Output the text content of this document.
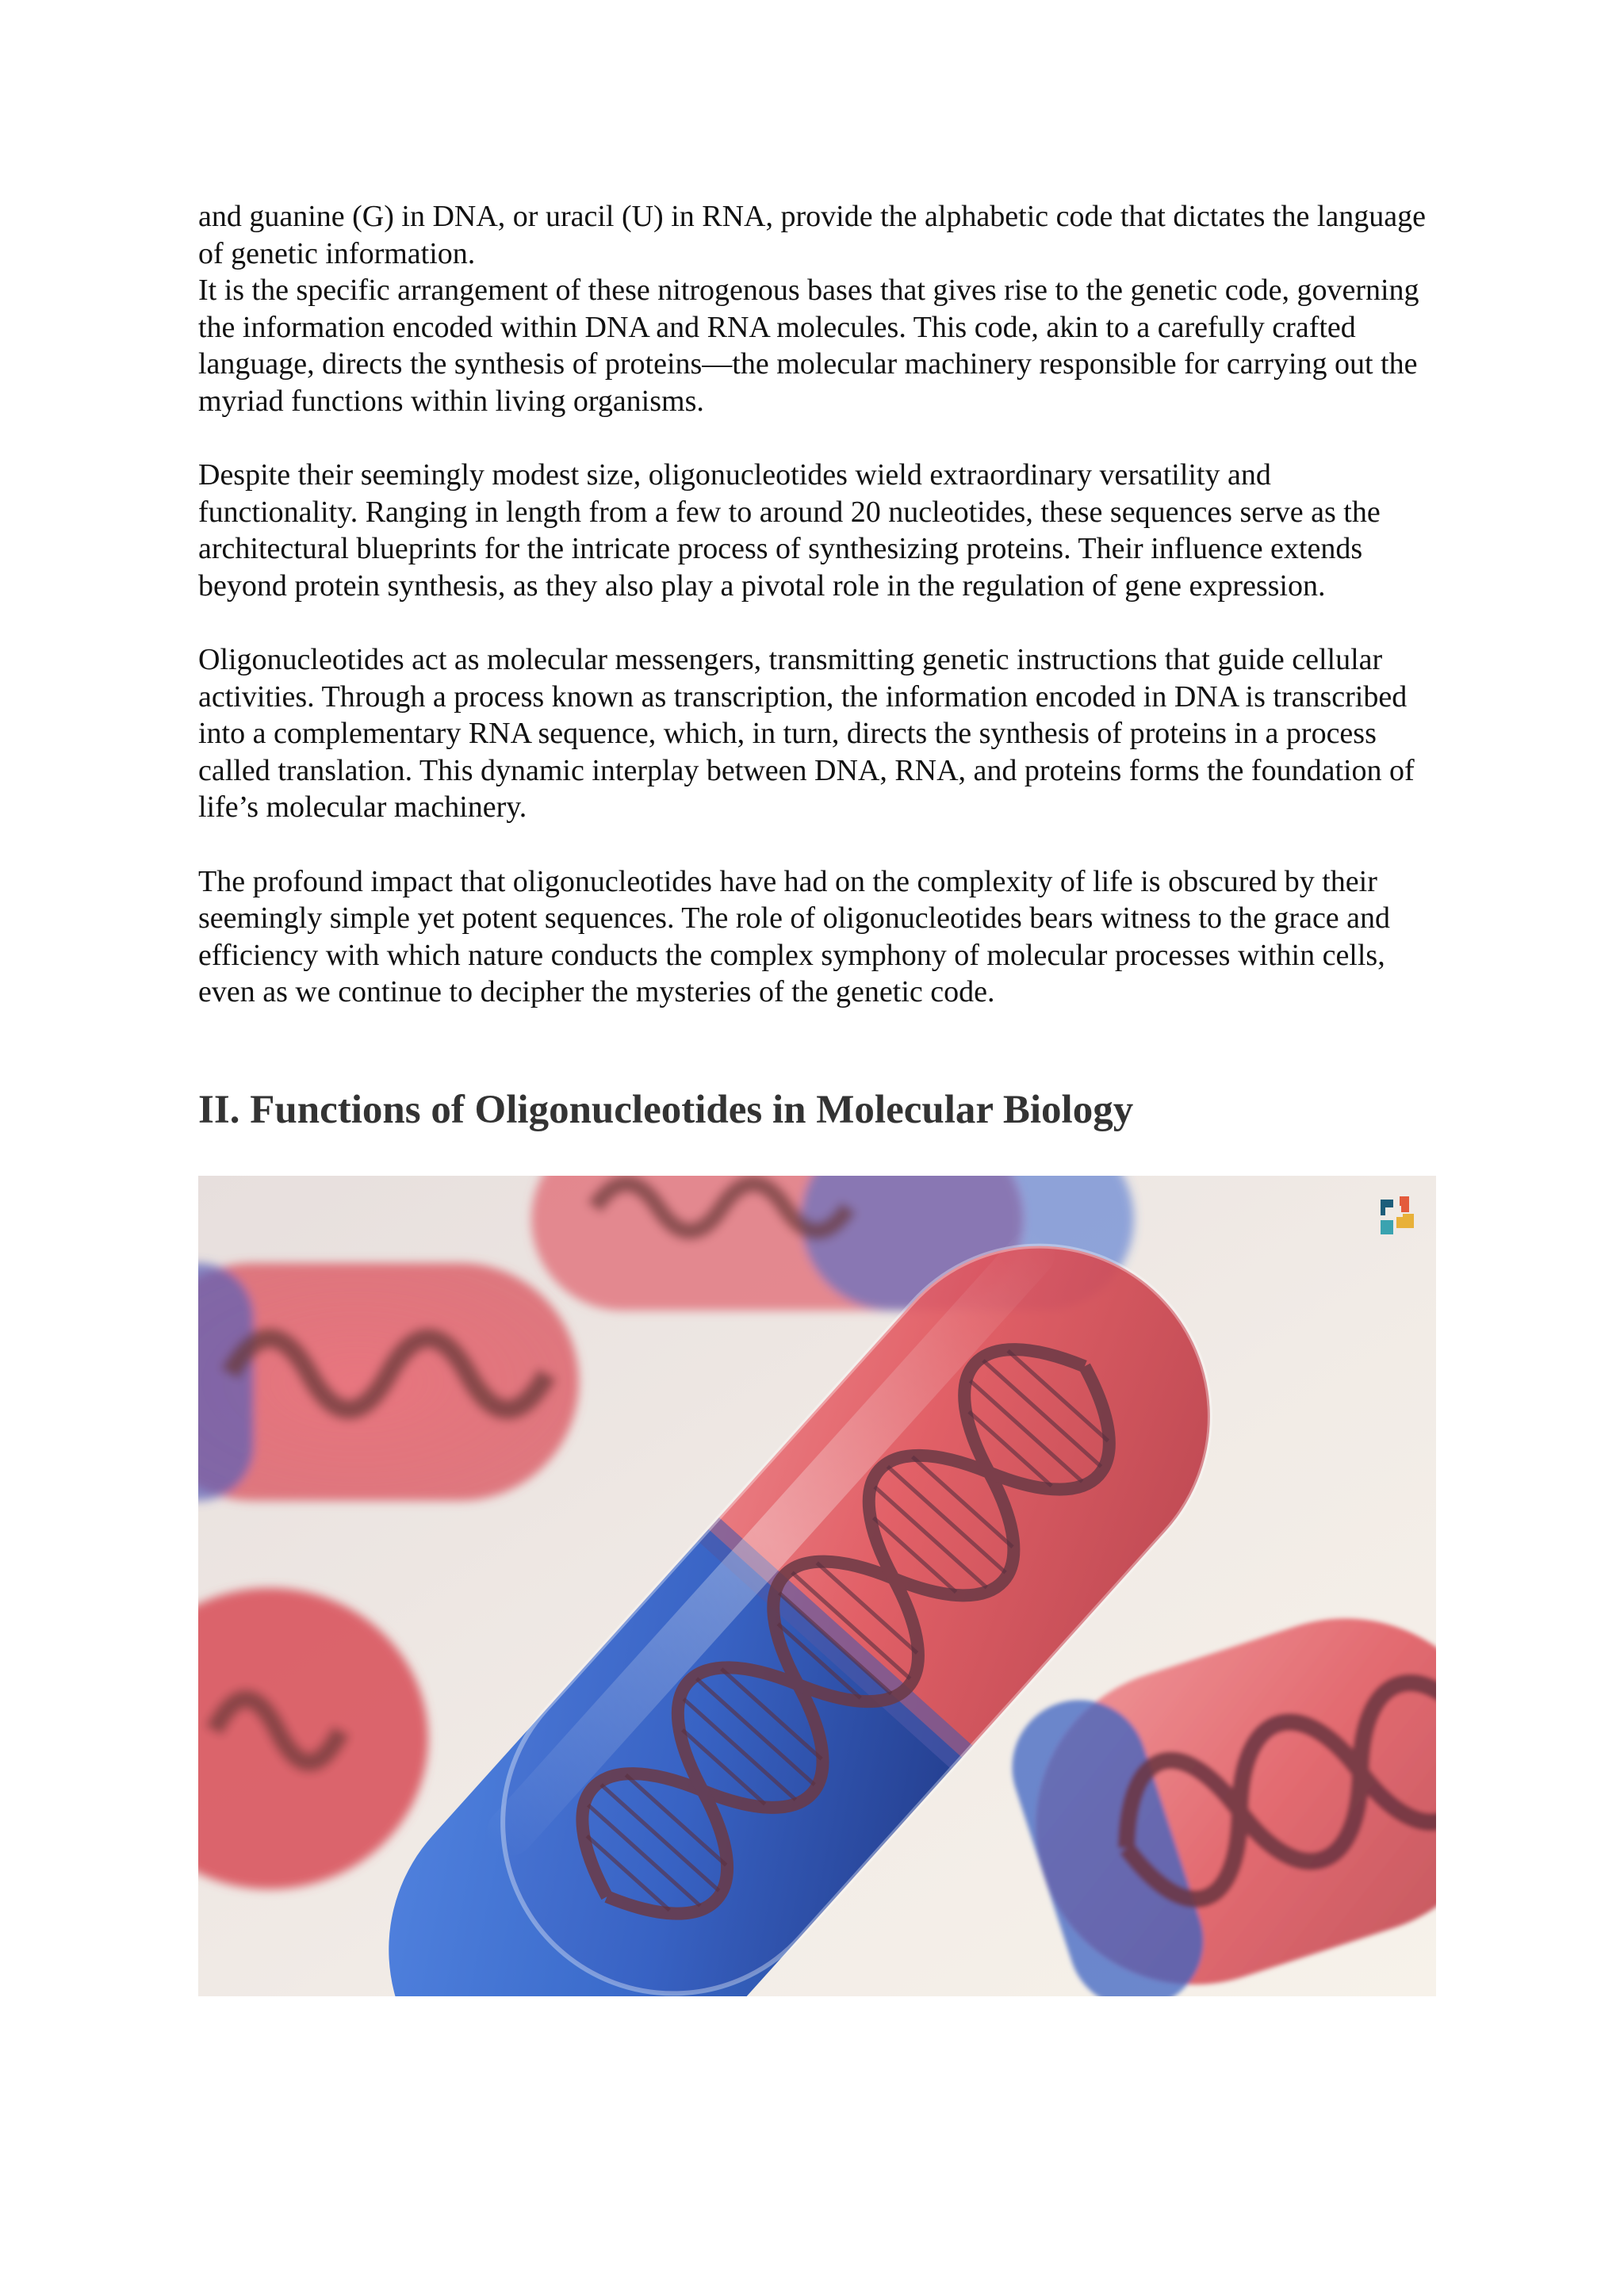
and guanine (G) in DNA, or uracil (U) in RNA, provide the alphabetic code that dictates the language of genetic information.

It is the specific arrangement of these nitrogenous bases that gives rise to the genetic code, governing the information encoded within DNA and RNA molecules. This code, akin to a carefully crafted language, directs the synthesis of proteins—the molecular machinery responsible for carrying out the myriad functions within living organisms.

Despite their seemingly modest size, oligonucleotides wield extraordinary versatility and functionality. Ranging in length from a few to around 20 nucleotides, these sequences serve as the architectural blueprints for the intricate process of synthesizing proteins. Their influence extends beyond protein synthesis, as they also play a pivotal role in the regulation of gene expression.

Oligonucleotides act as molecular messengers, transmitting genetic instructions that guide cellular activities. Through a process known as transcription, the information encoded in DNA is transcribed into a complementary RNA sequence, which, in turn, directs the synthesis of proteins in a process called translation. This dynamic interplay between DNA, RNA, and proteins forms the foundation of life’s molecular machinery.

The profound impact that oligonucleotides have had on the complexity of life is obscured by their seemingly simple yet potent sequences. The role of oligonucleotides bears witness to the grace and efficiency with which nature conducts the complex symphony of molecular processes within cells, even as we continue to decipher the mysteries of the genetic code.

II. Functions of Oligonucleotides in Molecular Biology
